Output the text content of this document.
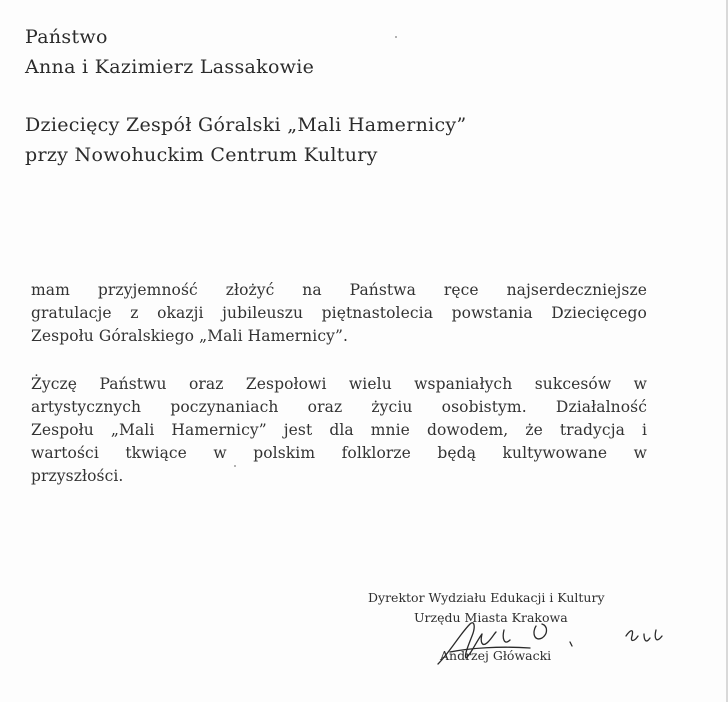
Państwo
Anna i Kazimierz Lassakowie
Dziecięcy Zespół Góralski „Mali Hamernicy”
przy Nowohuckim Centrum Kultury
mam przyjemność złożyć na Państwa ręce najserdeczniejsze
gratulacje z okazji jubileuszu piętnastolecia powstania Dziecięcego
Zespołu Góralskiego „Mali Hamernicy”.
Życzę Państwu oraz Zespołowi wielu wspaniałych sukcesów w
artystycznych poczynaniach oraz życiu osobistym. Działalność
Zespołu „Mali Hamernicy” jest dla mnie dowodem, że tradycja i
wartości tkwiące w polskim folklorze będą kultywowane w
przyszłości.
Dyrektor Wydziału Edukacji i Kultury
Urzędu Miasta Krakowa
Andrzej Główacki
